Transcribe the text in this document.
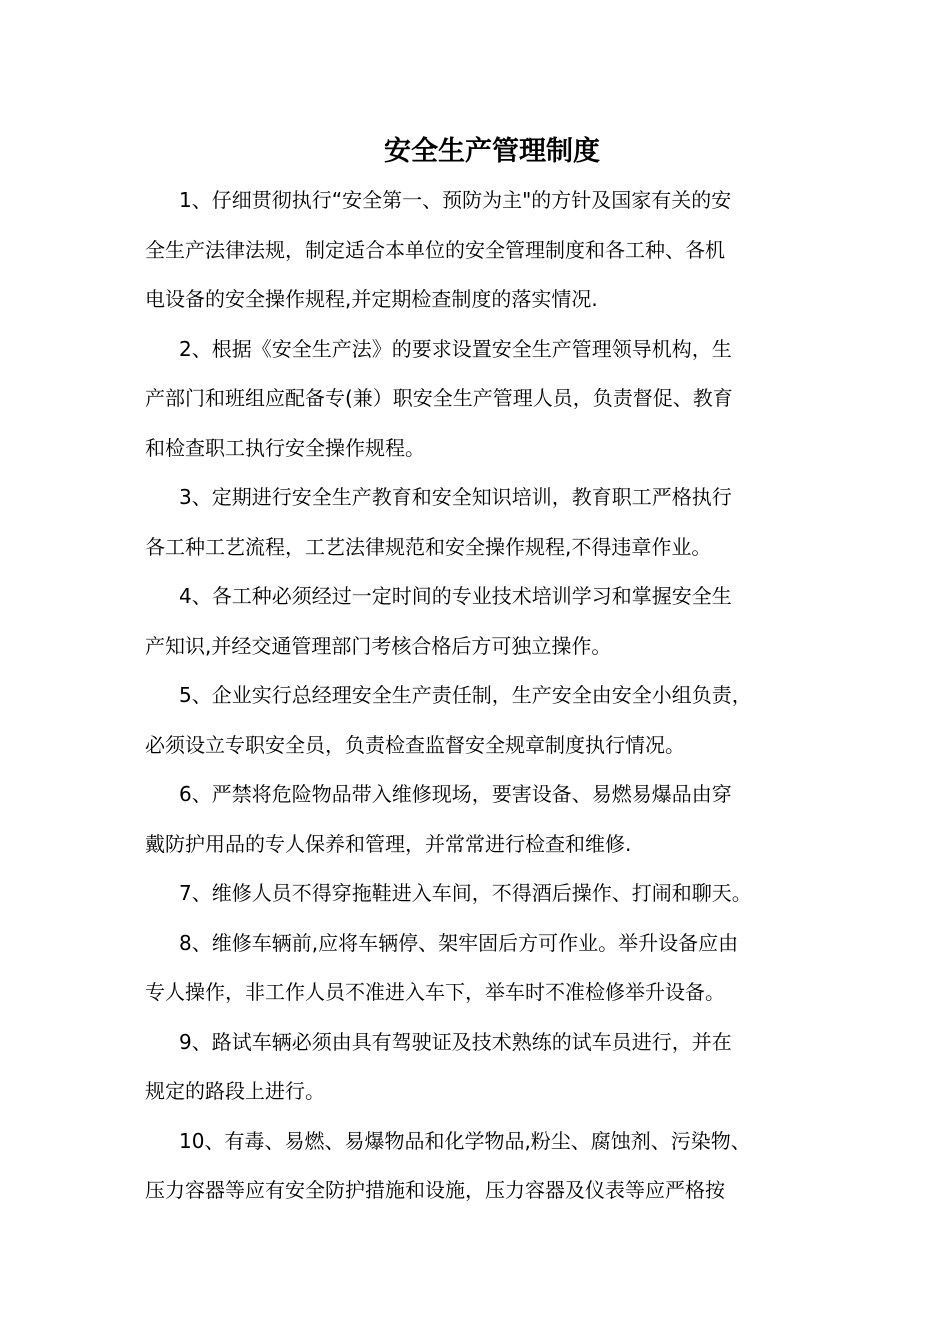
安全生产管理制度

1、仔细贯彻执行“安全第一、预防为主"的方针及国家有关的安
全生产法律法规，制定适合本单位的安全管理制度和各工种、各机
电设备的安全操作规程,并定期检查制度的落实情况.

2、根据《安全生产法》的要求设置安全生产管理领导机构，生
产部门和班组应配备专(兼）职安全生产管理人员，负责督促、教育
和检查职工执行安全操作规程。

3、定期进行安全生产教育和安全知识培训，教育职工严格执行
各工种工艺流程，工艺法律规范和安全操作规程,不得违章作业。

4、各工种必须经过一定时间的专业技术培训学习和掌握安全生
产知识,并经交通管理部门考核合格后方可独立操作。

5、企业实行总经理安全生产责任制，生产安全由安全小组负责，
必须设立专职安全员，负责检查监督安全规章制度执行情况。

6、严禁将危险物品带入维修现场，要害设备、易燃易爆品由穿
戴防护用品的专人保养和管理，并常常进行检查和维修.

7、维修人员不得穿拖鞋进入车间，不得酒后操作、打闹和聊天。

8、维修车辆前,应将车辆停、架牢固后方可作业。举升设备应由
专人操作，非工作人员不准进入车下，举车时不准检修举升设备。

9、路试车辆必须由具有驾驶证及技术熟练的试车员进行，并在
规定的路段上进行。

10、有毒、易燃、易爆物品和化学物品,粉尘、腐蚀剂、污染物、
压力容器等应有安全防护措施和设施，压力容器及仪表等应严格按
